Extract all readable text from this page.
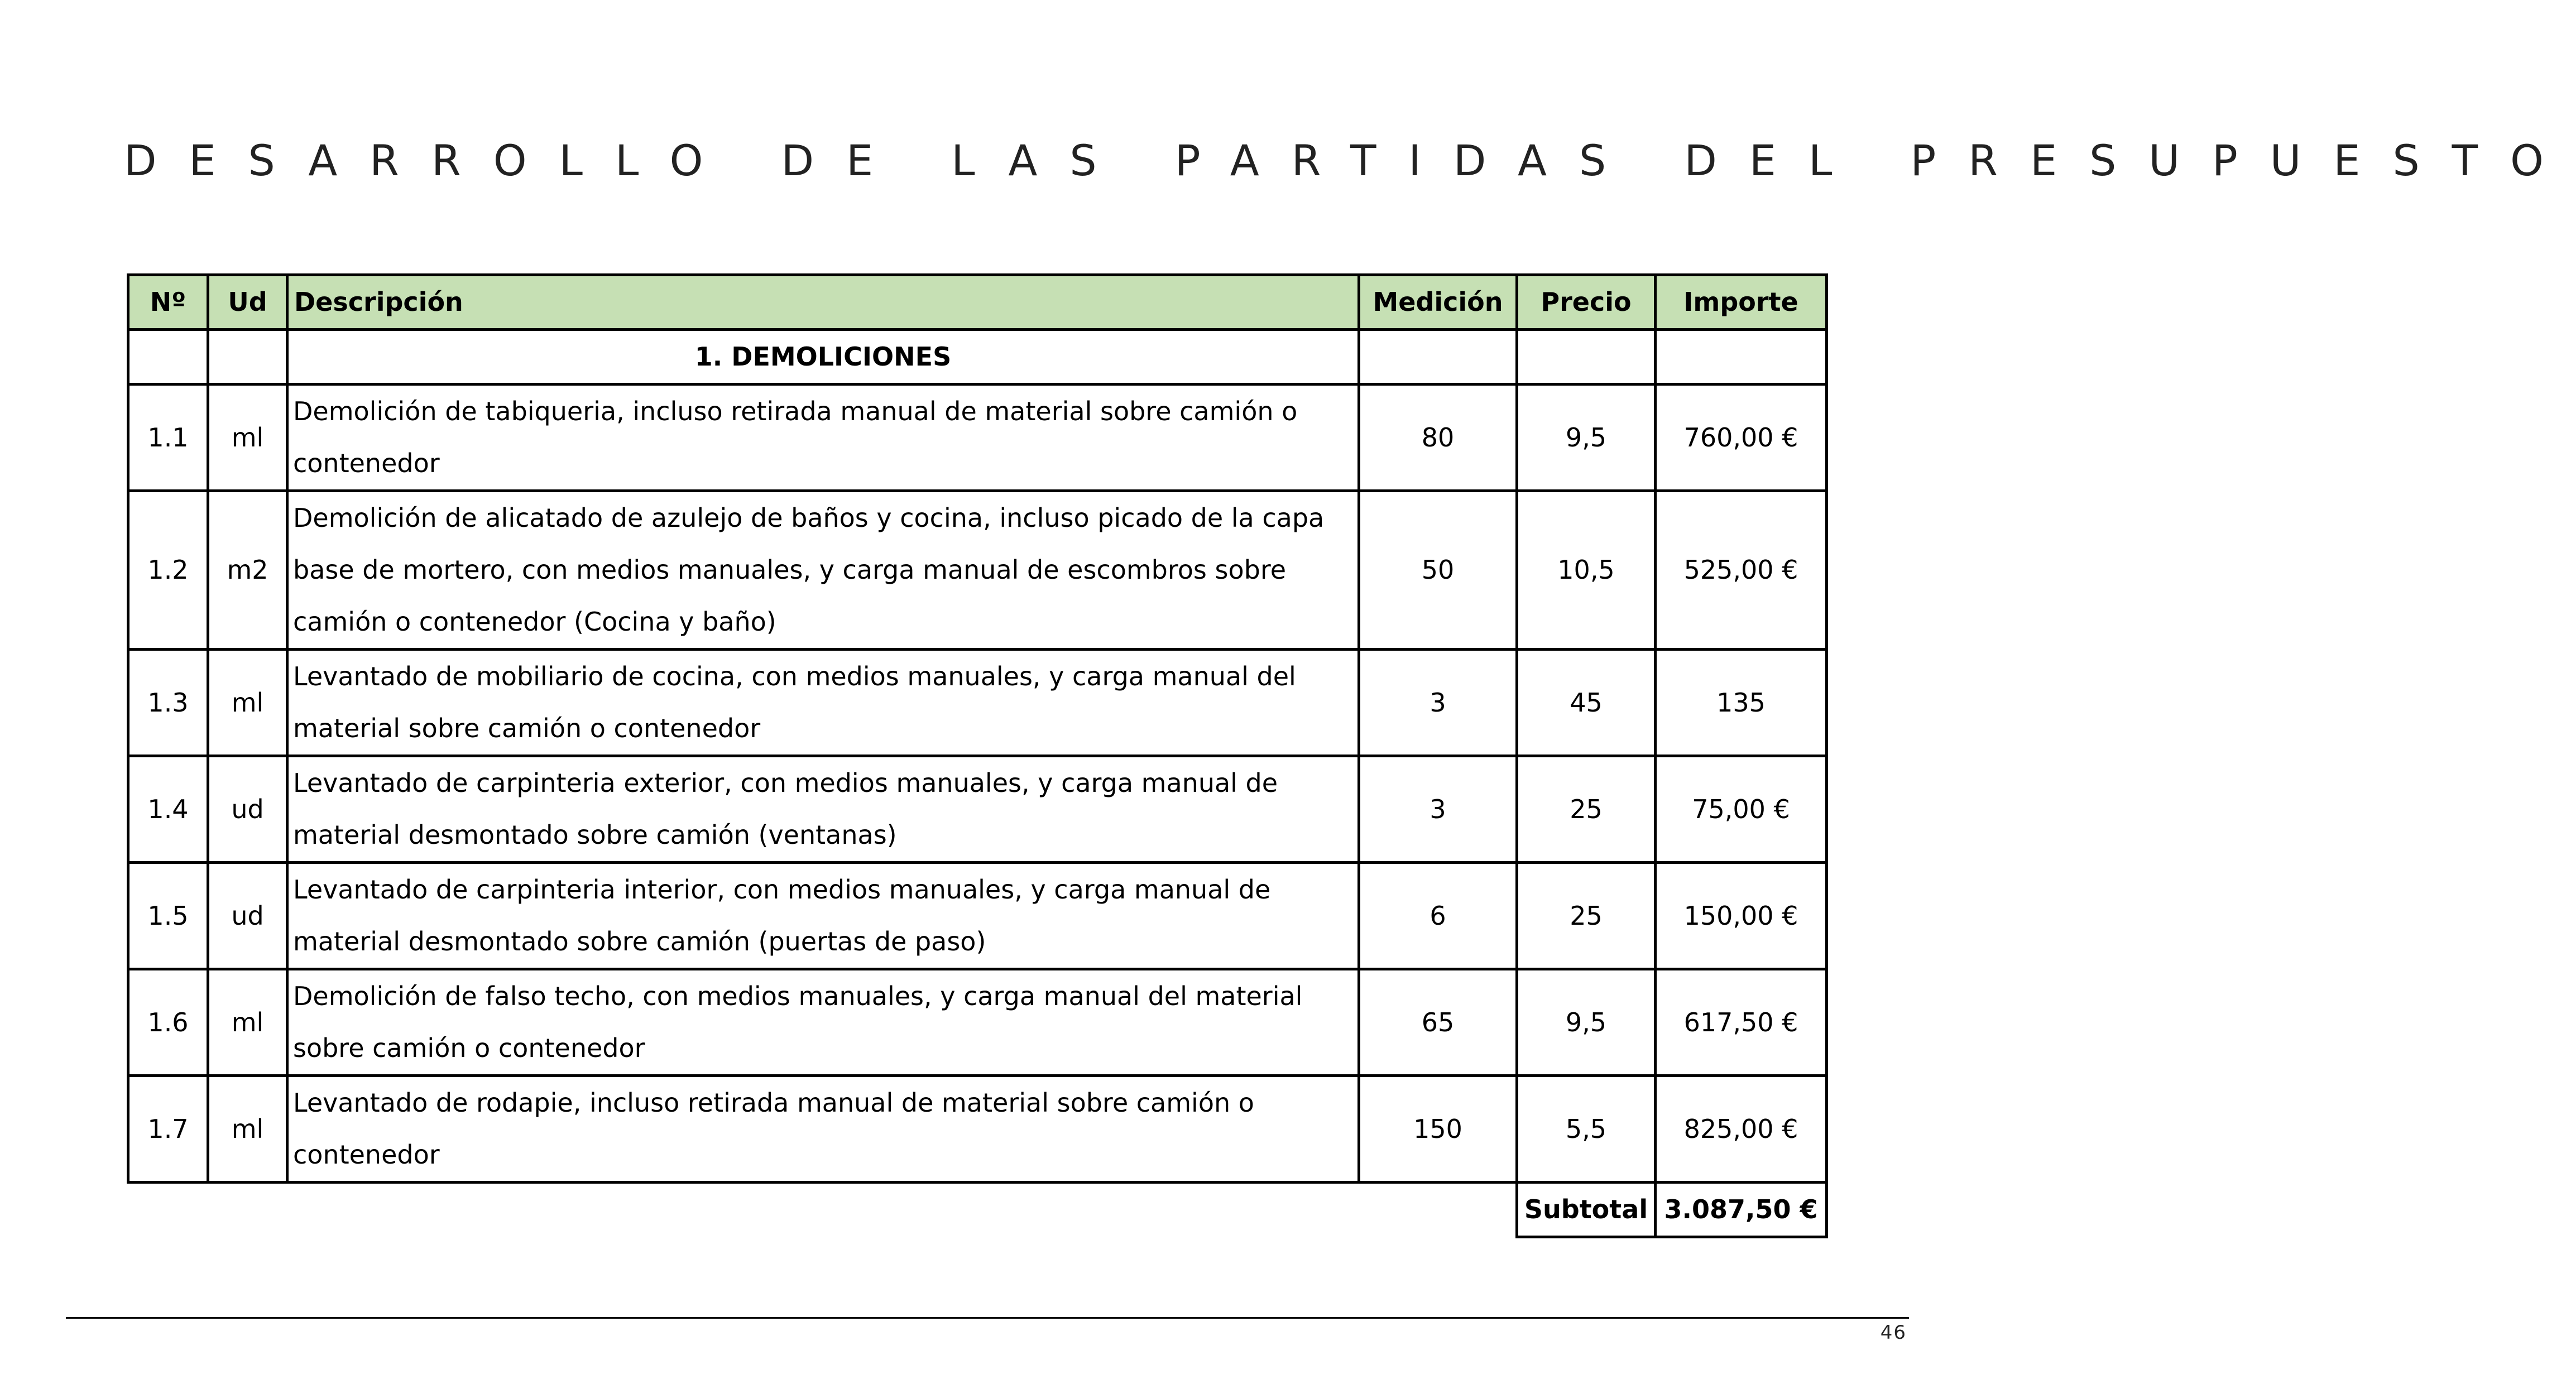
DESARROLLO DE LAS PARTIDAS DEL PRESUPUESTO
Nº	Ud	Descripción	Medición	Precio	Importe
		1. DEMOLICIONES			
1.1	ml	Demolición de tabiqueria, incluso retirada manual de material sobre camión o contenedor	80	9,5	760,00 €
1.2	m2	Demolición de alicatado de azulejo de baños y cocina, incluso picado de la capa base de mortero, con medios manuales, y carga manual de escombros sobre camión o contenedor (Cocina y baño)	50	10,5	525,00 €
1.3	ml	Levantado de mobiliario de cocina, con medios manuales, y carga manual del material sobre camión o contenedor	3	45	135
1.4	ud	Levantado de carpinteria exterior, con medios manuales, y carga manual de material desmontado sobre camión (ventanas)	3	25	75,00 €
1.5	ud	Levantado de carpinteria interior, con medios manuales, y carga manual de material desmontado sobre camión (puertas de paso)	6	25	150,00 €
1.6	ml	Demolición de falso techo, con medios manuales, y carga manual del material sobre camión o contenedor	65	9,5	617,50 €
1.7	ml	Levantado de rodapie, incluso retirada manual de material sobre camión o contenedor	150	5,5	825,00 €
				Subtotal	3.087,50 €
46
